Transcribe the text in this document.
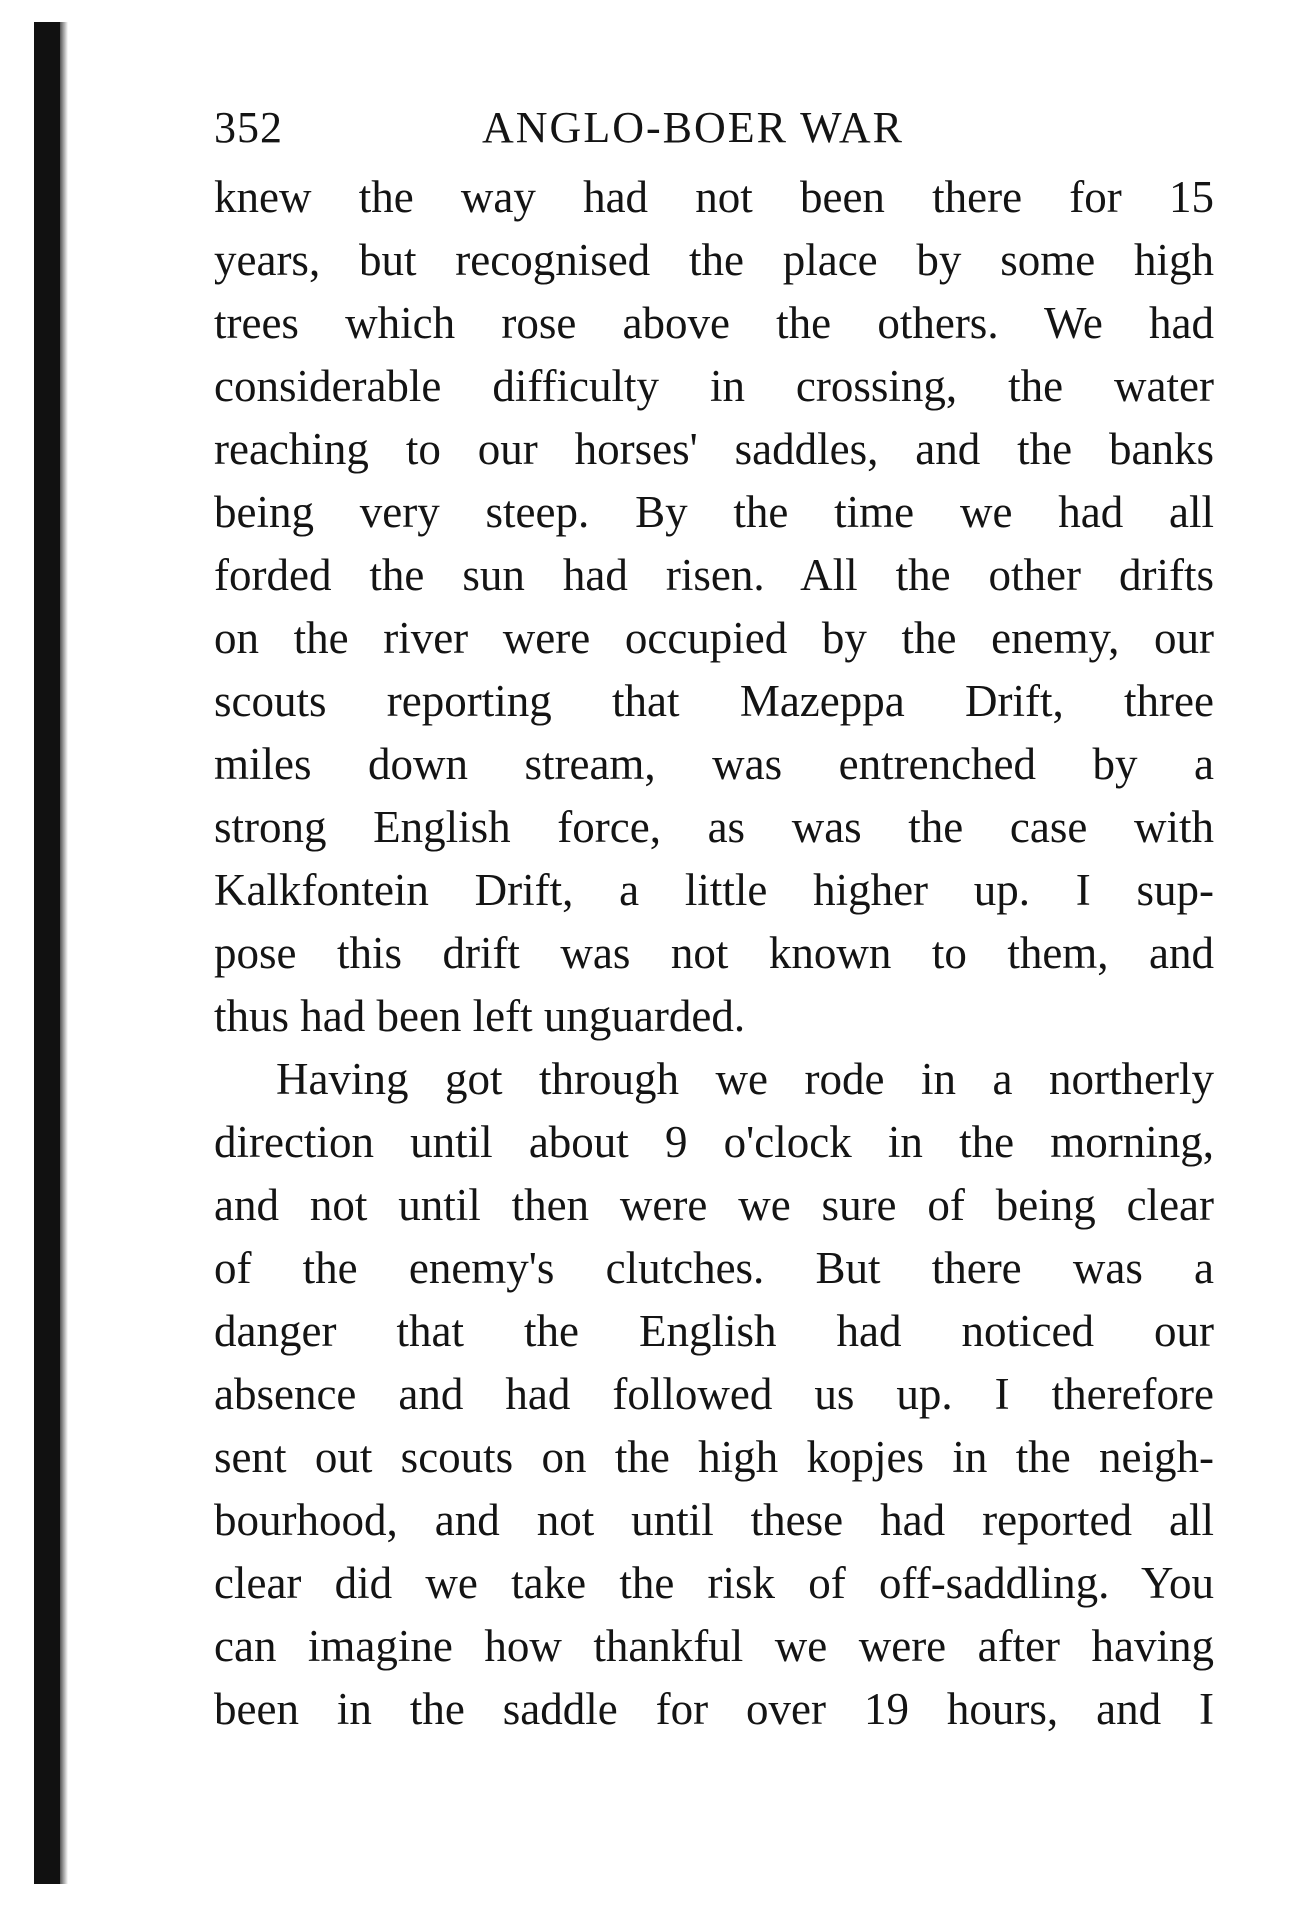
352	ANGLO-BOER WAR
knew the way had not been there for 15
years, but recognised the place by some high
trees which rose above the others. We had
considerable difficulty in crossing, the water
reaching to our horses' saddles, and the banks
being very steep. By the time we had all
forded the sun had risen. All the other drifts
on the river were occupied by the enemy, our
scouts reporting that Mazeppa Drift, three
miles down stream, was entrenched by a
strong English force, as was the case with
Kalkfontein Drift, a little higher up. I sup-
pose this drift was not known to them, and
thus had been left unguarded.
Having got through we rode in a northerly
direction until about 9 o'clock in the morning,
and not until then were we sure of being clear
of the enemy's clutches. But there was a
danger that the English had noticed our
absence and had followed us up. I therefore
sent out scouts on the high kopjes in the neigh-
bourhood, and not until these had reported all
clear did we take the risk of off-saddling. You
can imagine how thankful we were after having
been in the saddle for over 19 hours, and I
